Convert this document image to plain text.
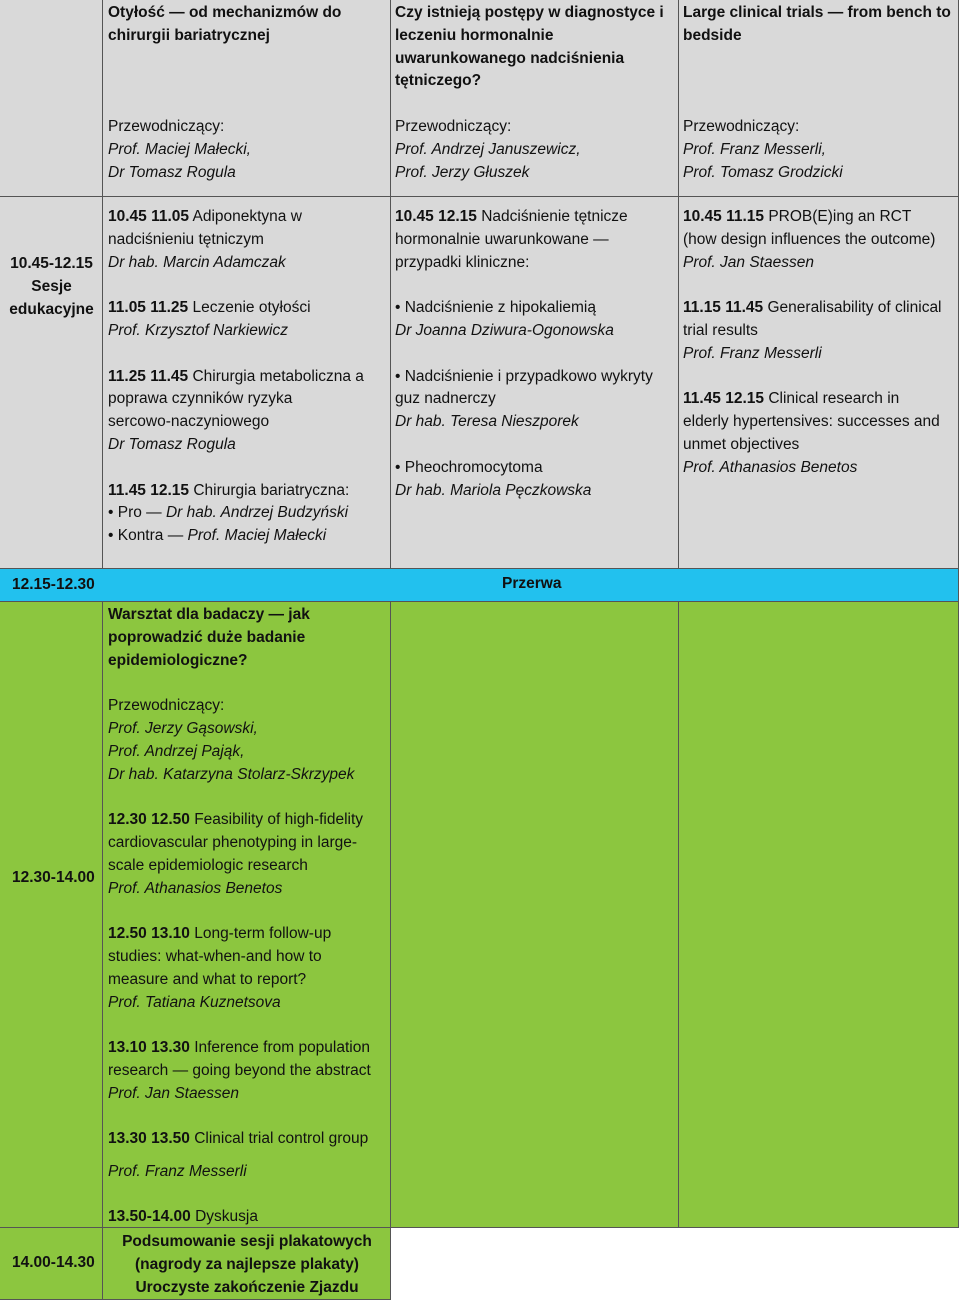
Otyłość — od mechanizmów do
chirurgii bariatrycznej
Przewodniczący:
Prof. Maciej Małecki,
Dr Tomasz Rogula
Czy istnieją postępy w diagnostyce i
leczeniu hormonalnie
uwarunkowanego nadciśnienia
tętniczego?
Przewodniczący:
Prof. Andrzej Januszewicz,
Prof. Jerzy Głuszek
Large clinical trials — from bench to
bedside
Przewodniczący:
Prof. Franz Messerli,
Prof. Tomasz Grodzicki
10.45-12.15
Sesje
edukacyjne
10.45 11.05 Adiponektyna w
nadciśnieniu tętniczym
Dr hab. Marcin Adamczak
11.05 11.25 Leczenie otyłości
Prof. Krzysztof Narkiewicz
11.25 11.45 Chirurgia metaboliczna a
poprawa czynników ryzyka
sercowo-naczyniowego
Dr Tomasz Rogula
11.45 12.15 Chirurgia bariatryczna:
• Pro — Dr hab. Andrzej Budzyński
• Kontra — Prof. Maciej Małecki
10.45 12.15 Nadciśnienie tętnicze
hormonalnie uwarunkowane —
przypadki kliniczne:
• Nadciśnienie z hipokaliemią
Dr Joanna Dziwura-Ogonowska
• Nadciśnienie i przypadkowo wykryty
guz nadnerczy
Dr hab. Teresa Nieszporek
• Pheochromocytoma
Dr hab. Mariola Pęczkowska
10.45 11.15 PROB(E)ing an RCT
(how design influences the outcome)
Prof. Jan Staessen
11.15 11.45 Generalisability of clinical
trial results
Prof. Franz Messerli
11.45 12.15 Clinical research in
elderly hypertensives: successes and
unmet objectives
Prof. Athanasios Benetos
12.15-12.30	Przerwa
12.30-14.00
Warsztat dla badaczy — jak
poprowadzić duże badanie
epidemiologiczne?
Przewodniczący:
Prof. Jerzy Gąsowski,
Prof. Andrzej Pająk,
Dr hab. Katarzyna Stolarz-Skrzypek
12.30 12.50 Feasibility of high-fidelity
cardiovascular phenotyping in large-
scale epidemiologic research
Prof. Athanasios Benetos
12.50 13.10 Long-term follow-up
studies: what-when-and how to
measure and what to report?
Prof. Tatiana Kuznetsova
13.10 13.30 Inference from population
research — going beyond the abstract
Prof. Jan Staessen
13.30 13.50 Clinical trial control group
Prof. Franz Messerli
13.50-14.00 Dyskusja
14.00-14.30
Podsumowanie sesji plakatowych
(nagrody za najlepsze plakaty)
Uroczyste zakończenie Zjazdu
